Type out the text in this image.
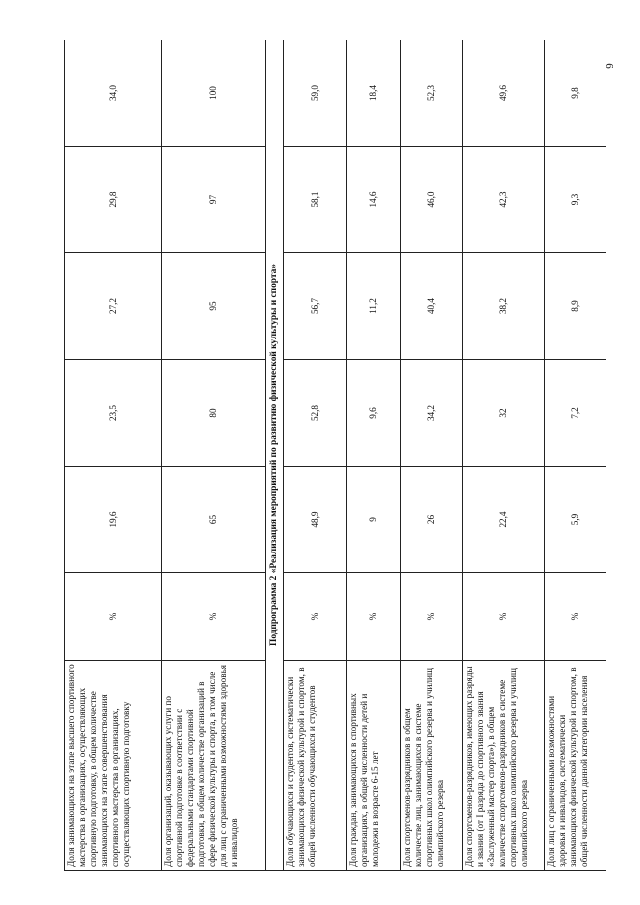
6
Доля занимающихся на этапе высшего спортивного мастерства в организациях, осуществляющих спортивную подготовку, в общем количестве занимающихся на этапе совершенствования спортивного мастерства в организациях, осуществляющих спортивную подготовку	%	19,6	23,5	27,2	29,8	34,0
Доля организаций, оказывающих услуги по спортивной подготовке в соответствии с федеральными стандартами спортивной подготовки, в общем количестве организаций в сфере физической культуры и спорта, в том числе для лиц с ограниченными возможностями здоровья и инвалидов	%	65	80	95	97	100
Подпрограмма 2 «Реализация мероприятий по развитию физической культуры и спорта»						
Доля обучающихся и студентов, систематически занимающихся физической культурой и спортом, в общей численности обучающихся и студентов	%	48,9	52,8	56,7	58,1	59,0
Доля граждан, занимающихся в спортивных организациях, в общей численности детей и молодежи в возрасте 6-15 лет	%	9	9,6	11,2	14,6	18,4
Доля спортсменов-разрядников в общем количестве лиц, занимающихся в системе спортивных школ олимпийского резерва и училищ олимпийского резерва	%	26	34,2	40,4	46,0	52,3
Доля спортсменов-разрядников, имеющих разряды и звания (от I разряда до спортивного звания «Заслуженный мастер спорта»), в общем количестве спортсменов-разрядников в системе спортивных школ олимпийского резерва и училищ олимпийского резерва	%	22,4	32	38,2	42,3	49,6
Доля лиц с ограниченными возможностями здоровья и инвалидов, систематически занимающихся физической культурой и спортом, в общей численности данной категории населения	%	5,9	7,2	8,9	9,3	9,8
